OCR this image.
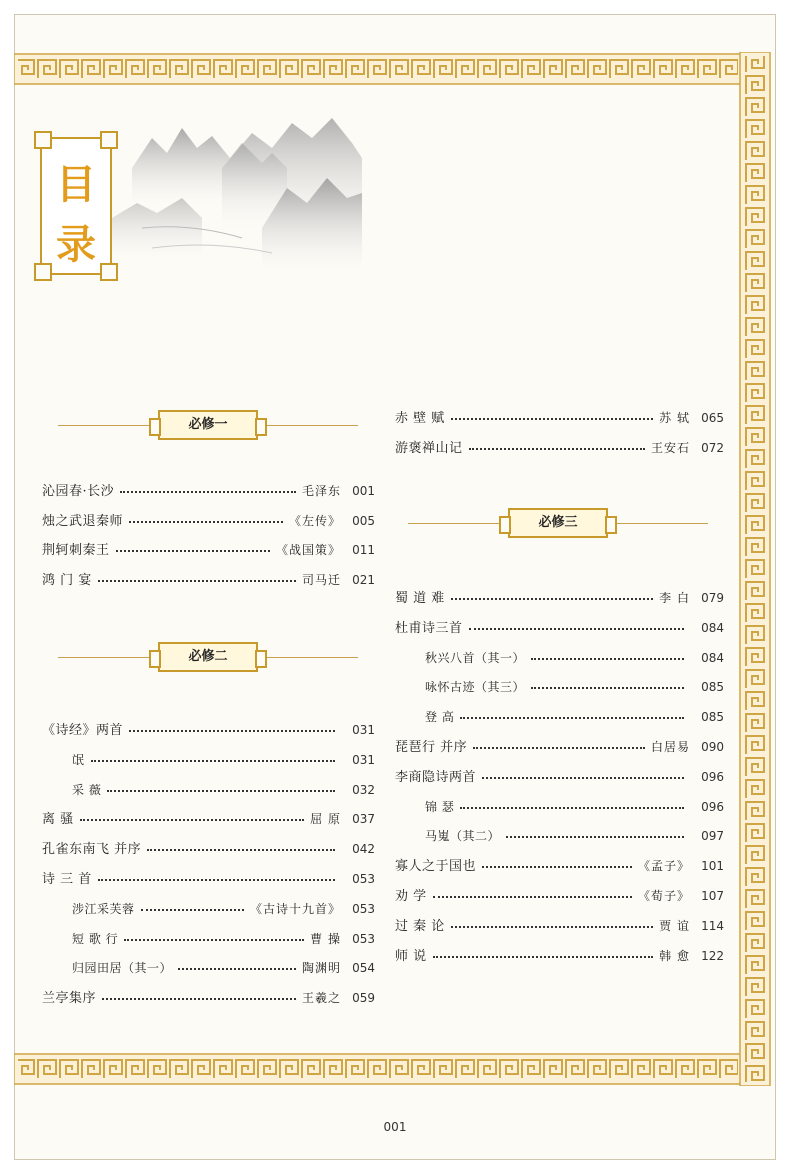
目
录

必修一
必修二
必修三
沁园春·长沙	毛泽东 001
烛之武退秦师	《左传》 005
荆轲刺秦王	《战国策》 011
鸿 门 宴	司马迁 021
《诗经》两首	031
氓	031
采 薇	032
离 骚	屈 原 037
孔雀东南飞 并序	042
诗 三 首	053
涉江采芙蓉	《古诗十九首》 053
短 歌 行	曹 操 053
归园田居（其一）	陶渊明 054
兰亭集序	王羲之 059
赤 壁 赋	苏 轼 065
游褒禅山记	王安石 072
蜀 道 难	李 白 079
杜甫诗三首	084
秋兴八首（其一）	084
咏怀古迹（其三）	085
登 高	085
琵琶行 并序	白居易 090
李商隐诗两首	096
锦 瑟	096
马嵬（其二）	097
寡人之于国也	《孟子》 101
劝 学	《荀子》 107
过 秦 论	贾 谊 114
师 说	韩 愈 122
001
